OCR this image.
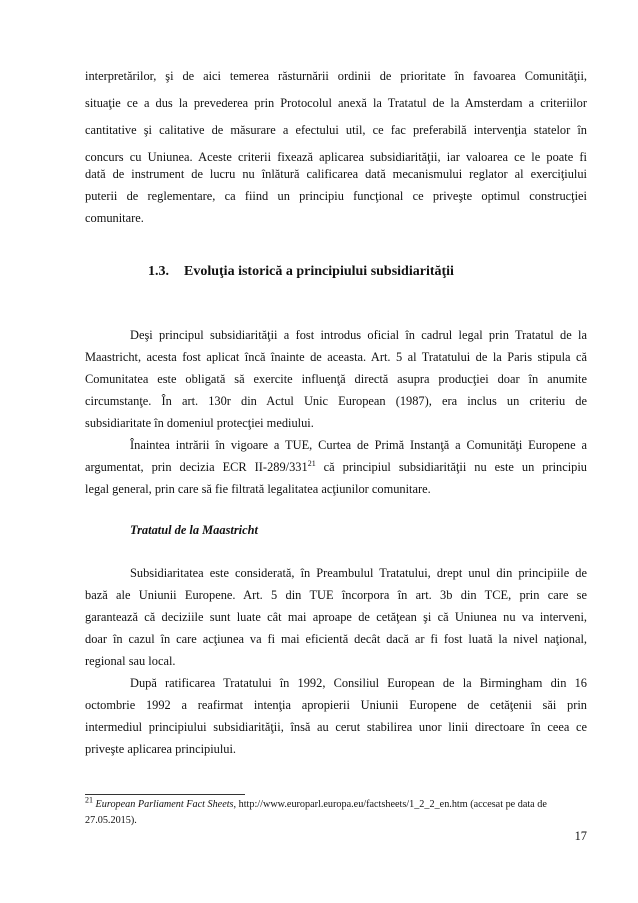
interpretărilor, şi de aici temerea răsturnării ordinii de prioritate în favoarea Comunităţii,
situaţie ce a dus la prevederea prin Protocolul anexă la Tratatul de la Amsterdam a criteriilor
cantitative şi calitative de măsurare a efectului util, ce fac preferabilă intervenţia statelor în
concurs cu Uniunea. Aceste criterii fixează aplicarea subsidiarităţii, iar valoarea ce le poate fi
dată de instrument de lucru nu înlătură calificarea dată mecanismului reglator al exerciţiului
puterii de reglementare, ca fiind un principiu funcţional ce priveşte optimul construcţiei
comunitare.
1.3. Evoluţia istorică a principiului subsidiarităţii
Deşi principul subsidiarităţii a fost introdus oficial în cadrul legal prin Tratatul de la
Maastricht, acesta fost aplicat încă înainte de aceasta. Art. 5 al Tratatului de la Paris stipula că
Comunitatea este obligată să exercite influenţă directă asupra producţiei doar în anumite
circumstanţe. În art. 130r din Actul Unic European (1987), era inclus un criteriu de
subsidiaritate în domeniul protecţiei mediului.
Înaintea intrării în vigoare a TUE, Curtea de Primă Instanţă a Comunităţi Europene a
argumentat, prin decizia ECR $II-289/331^{21}$ că principiul subsidiarităţii nu este un principiu
legal general, prin care să fie filtrată legalitatea acţiunilor comunitare.
Tratatul de la Maastricht
Subsidiaritatea este considerată, în Preambulul Tratatului, drept unul din principiile de
bază ale Uniunii Europene. Art. 5 din TUE încorpora în art. 3b din TCE, prin care se
garantează că deciziile sunt luate cât mai aproape de cetăţean şi că Uniunea nu va interveni,
doar în cazul în care acţiunea va fi mai eficientă decât dacă ar fi fost luată la nivel naţional,
regional sau local.
După ratificarea Tratatului în 1992, Consiliul European de la Birmingham din 16
octombrie 1992 a reafirmat intenţia apropierii Uniunii Europene de cetăţenii săi prin
intermediul principiului subsidiarităţii, însă au cerut stabilirea unor linii directoare în ceea ce
priveşte aplicarea principiului.
$^{21}$ European Parliament Fact Sheets, http://www.europarl.europa.eu/factsheets/1_2_2_en.htm (accesat pe data de
27.05.2015).
17
